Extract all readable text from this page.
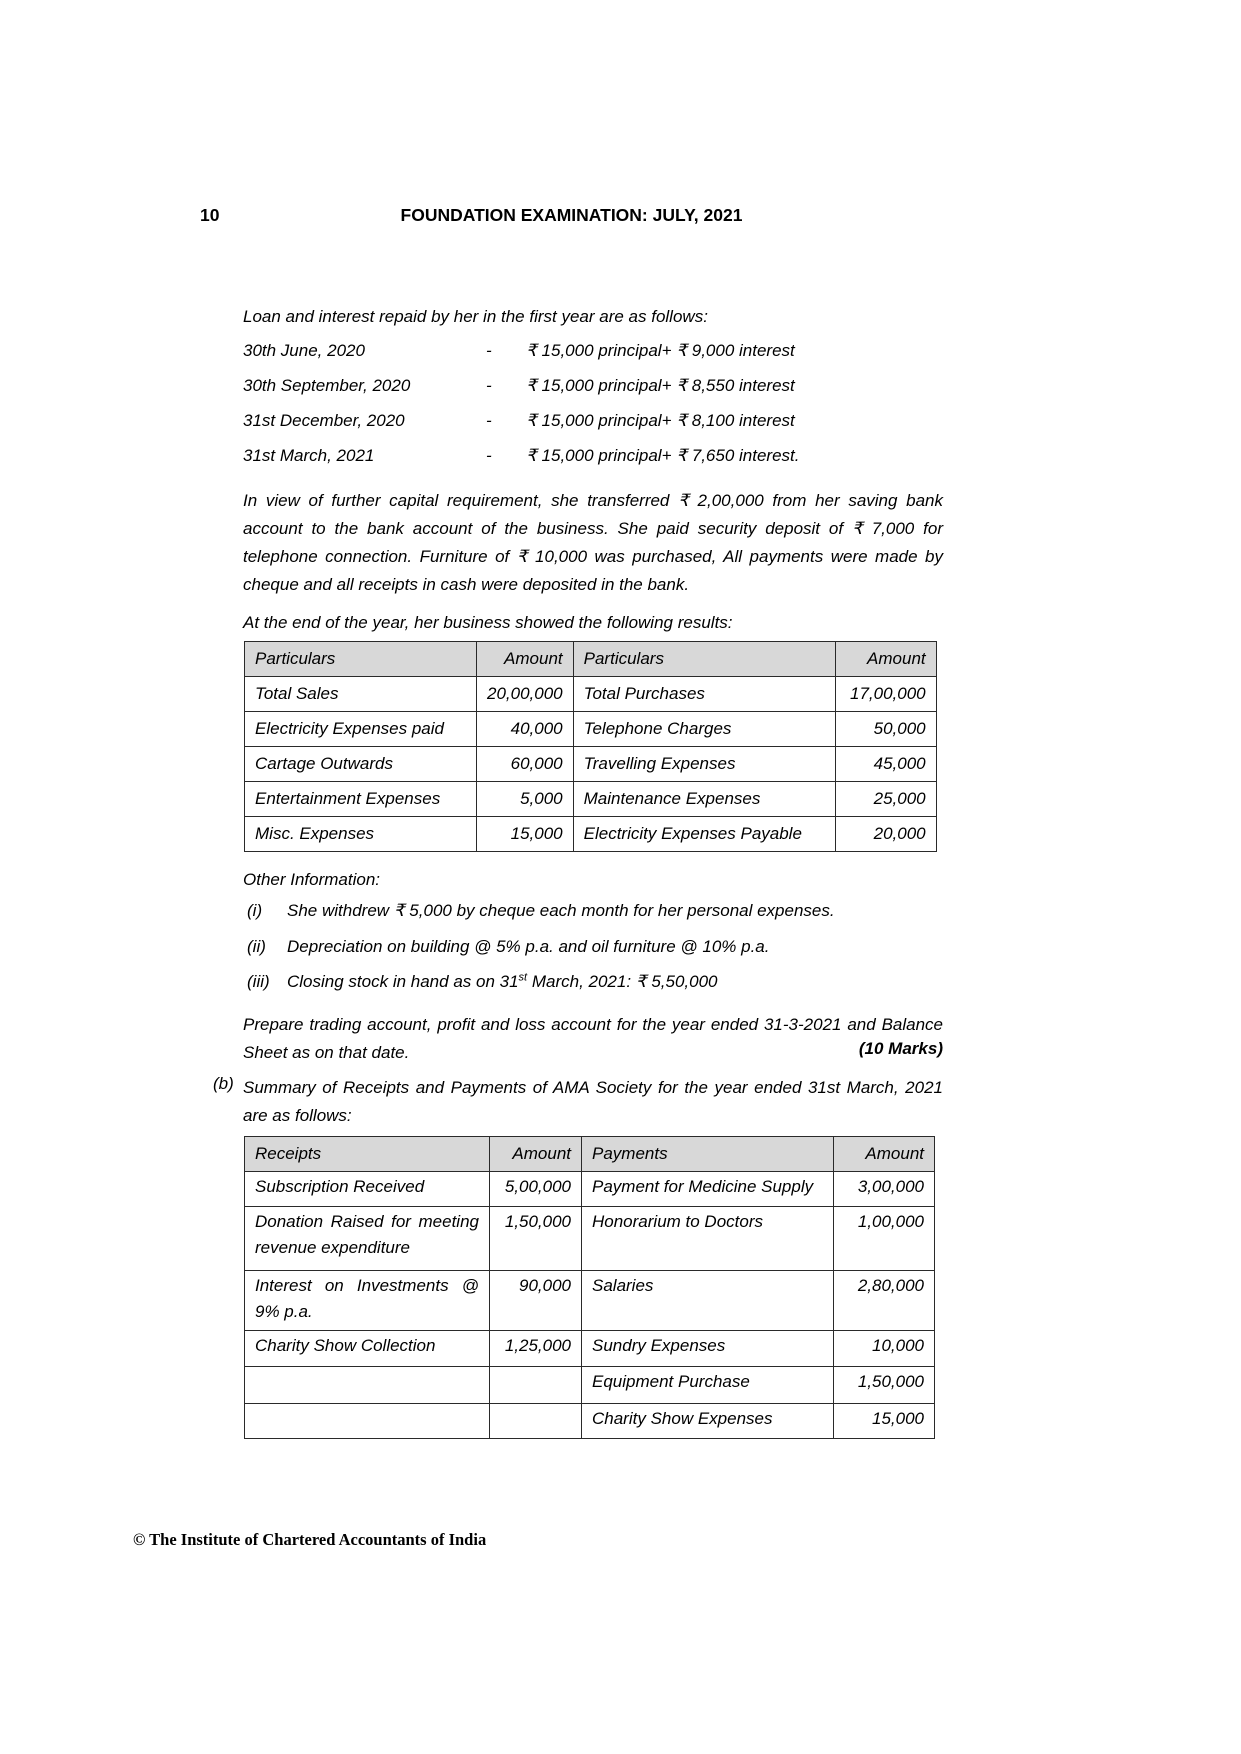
10	FOUNDATION EXAMINATION: JULY, 2021
Loan and interest repaid by her in the first year are as follows:
30th June, 2020	-	₹ 15,000 principal+ ₹ 9,000 interest
30th September, 2020	-	₹ 15,000 principal+ ₹ 8,550 interest
31st December, 2020	-	₹ 15,000 principal+ ₹ 8,100 interest
31st March, 2021	-	₹ 15,000 principal+ ₹ 7,650 interest.
In view of further capital requirement, she transferred ₹ 2,00,000 from her saving bank account to the bank account of the business. She paid security deposit of ₹ 7,000 for telephone connection. Furniture of ₹ 10,000 was purchased, All payments were made by cheque and all receipts in cash were deposited in the bank.
At the end of the year, her business showed the following results:
Particulars	Amount	Particulars	Amount
Total Sales	20,00,000	Total Purchases	17,00,000
Electricity Expenses paid	40,000	Telephone Charges	50,000
Cartage Outwards	60,000	Travelling Expenses	45,000
Entertainment Expenses	5,000	Maintenance Expenses	25,000
Misc. Expenses	15,000	Electricity Expenses Payable	20,000
Other Information:
(i)	She withdrew ₹ 5,000 by cheque each month for her personal expenses.
(ii)	Depreciation on building @ 5% p.a. and oil furniture @ 10% p.a.
(iii)	Closing stock in hand as on 31st March, 2021: ₹ 5,50,000
Prepare trading account, profit and loss account for the year ended 31-3-2021 and Balance Sheet as on that date.	(10 Marks)
(b) Summary of Receipts and Payments of AMA Society for the year ended 31st March, 2021 are as follows:
Receipts	Amount	Payments	Amount
Subscription Received	5,00,000	Payment for Medicine Supply	3,00,000
Donation Raised for meeting revenue expenditure	1,50,000	Honorarium to Doctors	1,00,000
Interest on Investments @ 9% p.a.	90,000	Salaries	2,80,000
Charity Show Collection	1,25,000	Sundry Expenses	10,000
		Equipment Purchase	1,50,000
		Charity Show Expenses	15,000
© The Institute of Chartered Accountants of India
